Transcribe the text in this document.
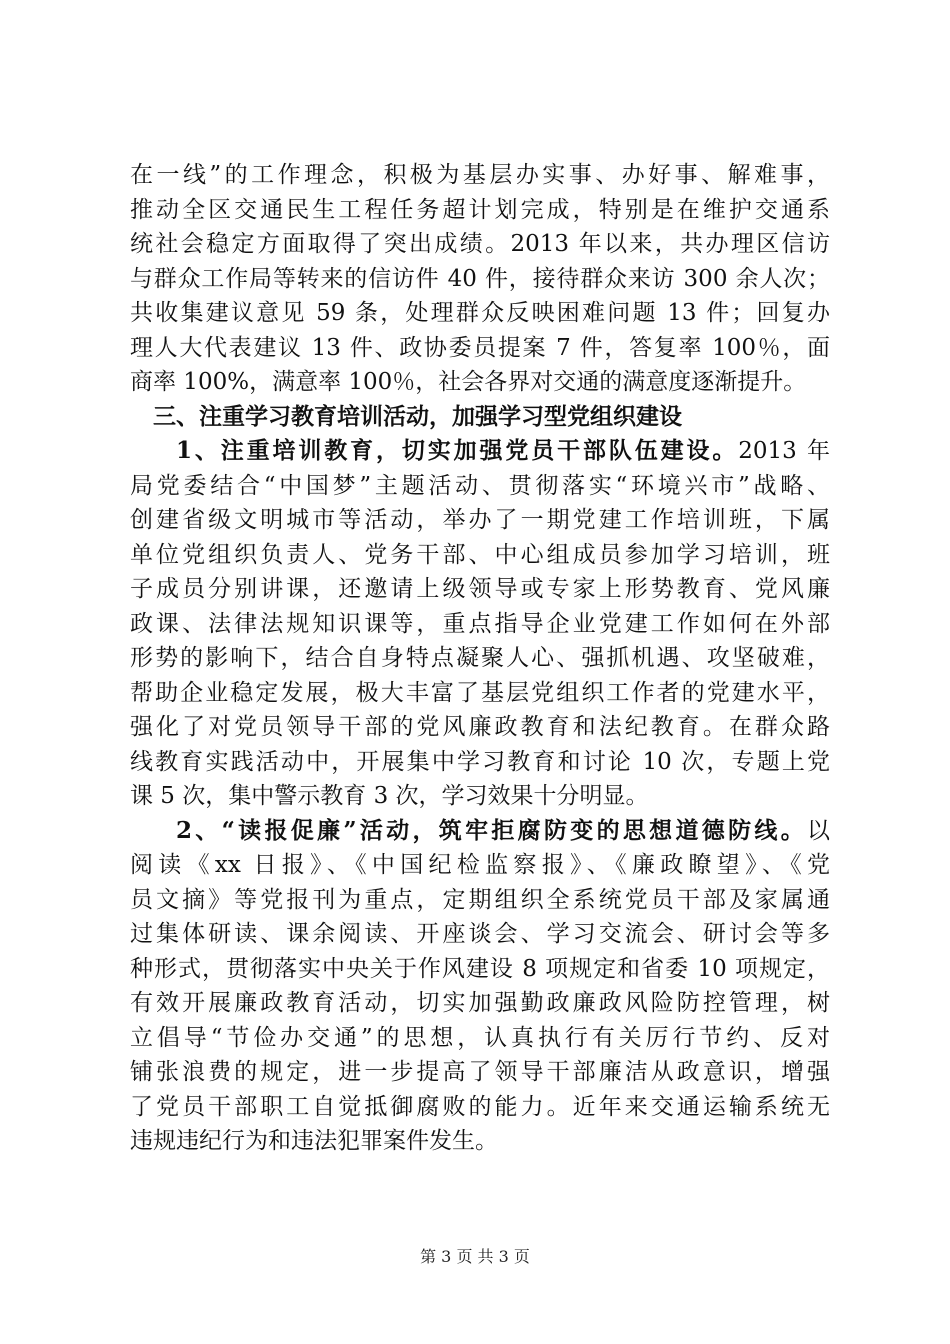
在一线”的工作理念，积极为基层办实事、办好事、解难事，
推动全区交通民生工程任务超计划完成，特别是在维护交通系
统社会稳定方面取得了突出成绩。2013 年以来，共办理区信访
与群众工作局等转来的信访件 40 件，接待群众来访 300 余人次；
共收集建议意见 59 条，处理群众反映困难问题 13 件；回复办
理人大代表建议 13 件、政协委员提案 7 件，答复率 100％，面
商率 100%，满意率 100％，社会各界对交通的满意度逐渐提升。
三、注重学习教育培训活动，加强学习型党组织建设
1、注重培训教育，切实加强党员干部队伍建设。2013 年
局党委结合“中国梦”主题活动、贯彻落实“环境兴市”战略、
创建省级文明城市等活动，举办了一期党建工作培训班，下属
单位党组织负责人、党务干部、中心组成员参加学习培训，班
子成员分别讲课，还邀请上级领导或专家上形势教育、党风廉
政课、法律法规知识课等，重点指导企业党建工作如何在外部
形势的影响下，结合自身特点凝聚人心、强抓机遇、攻坚破难，
帮助企业稳定发展，极大丰富了基层党组织工作者的党建水平，
强化了对党员领导干部的党风廉政教育和法纪教育。在群众路
线教育实践活动中，开展集中学习教育和讨论 10 次，专题上党
课 5 次，集中警示教育 3 次，学习效果十分明显。
2、“读报促廉”活动，筑牢拒腐防变的思想道德防线。以
阅读《xx 日报》、《中国纪检监察报》、《廉政瞭望》、《党
员文摘》等党报刊为重点，定期组织全系统党员干部及家属通
过集体研读、课余阅读、开座谈会、学习交流会、研讨会等多
种形式，贯彻落实中央关于作风建设 8 项规定和省委 10 项规定，
有效开展廉政教育活动，切实加强勤政廉政风险防控管理，树
立倡导“节俭办交通”的思想，认真执行有关厉行节约、反对
铺张浪费的规定，进一步提高了领导干部廉洁从政意识，增强
了党员干部职工自觉抵御腐败的能力。近年来交通运输系统无
违规违纪行为和违法犯罪案件发生。
第 3 页 共 3 页
